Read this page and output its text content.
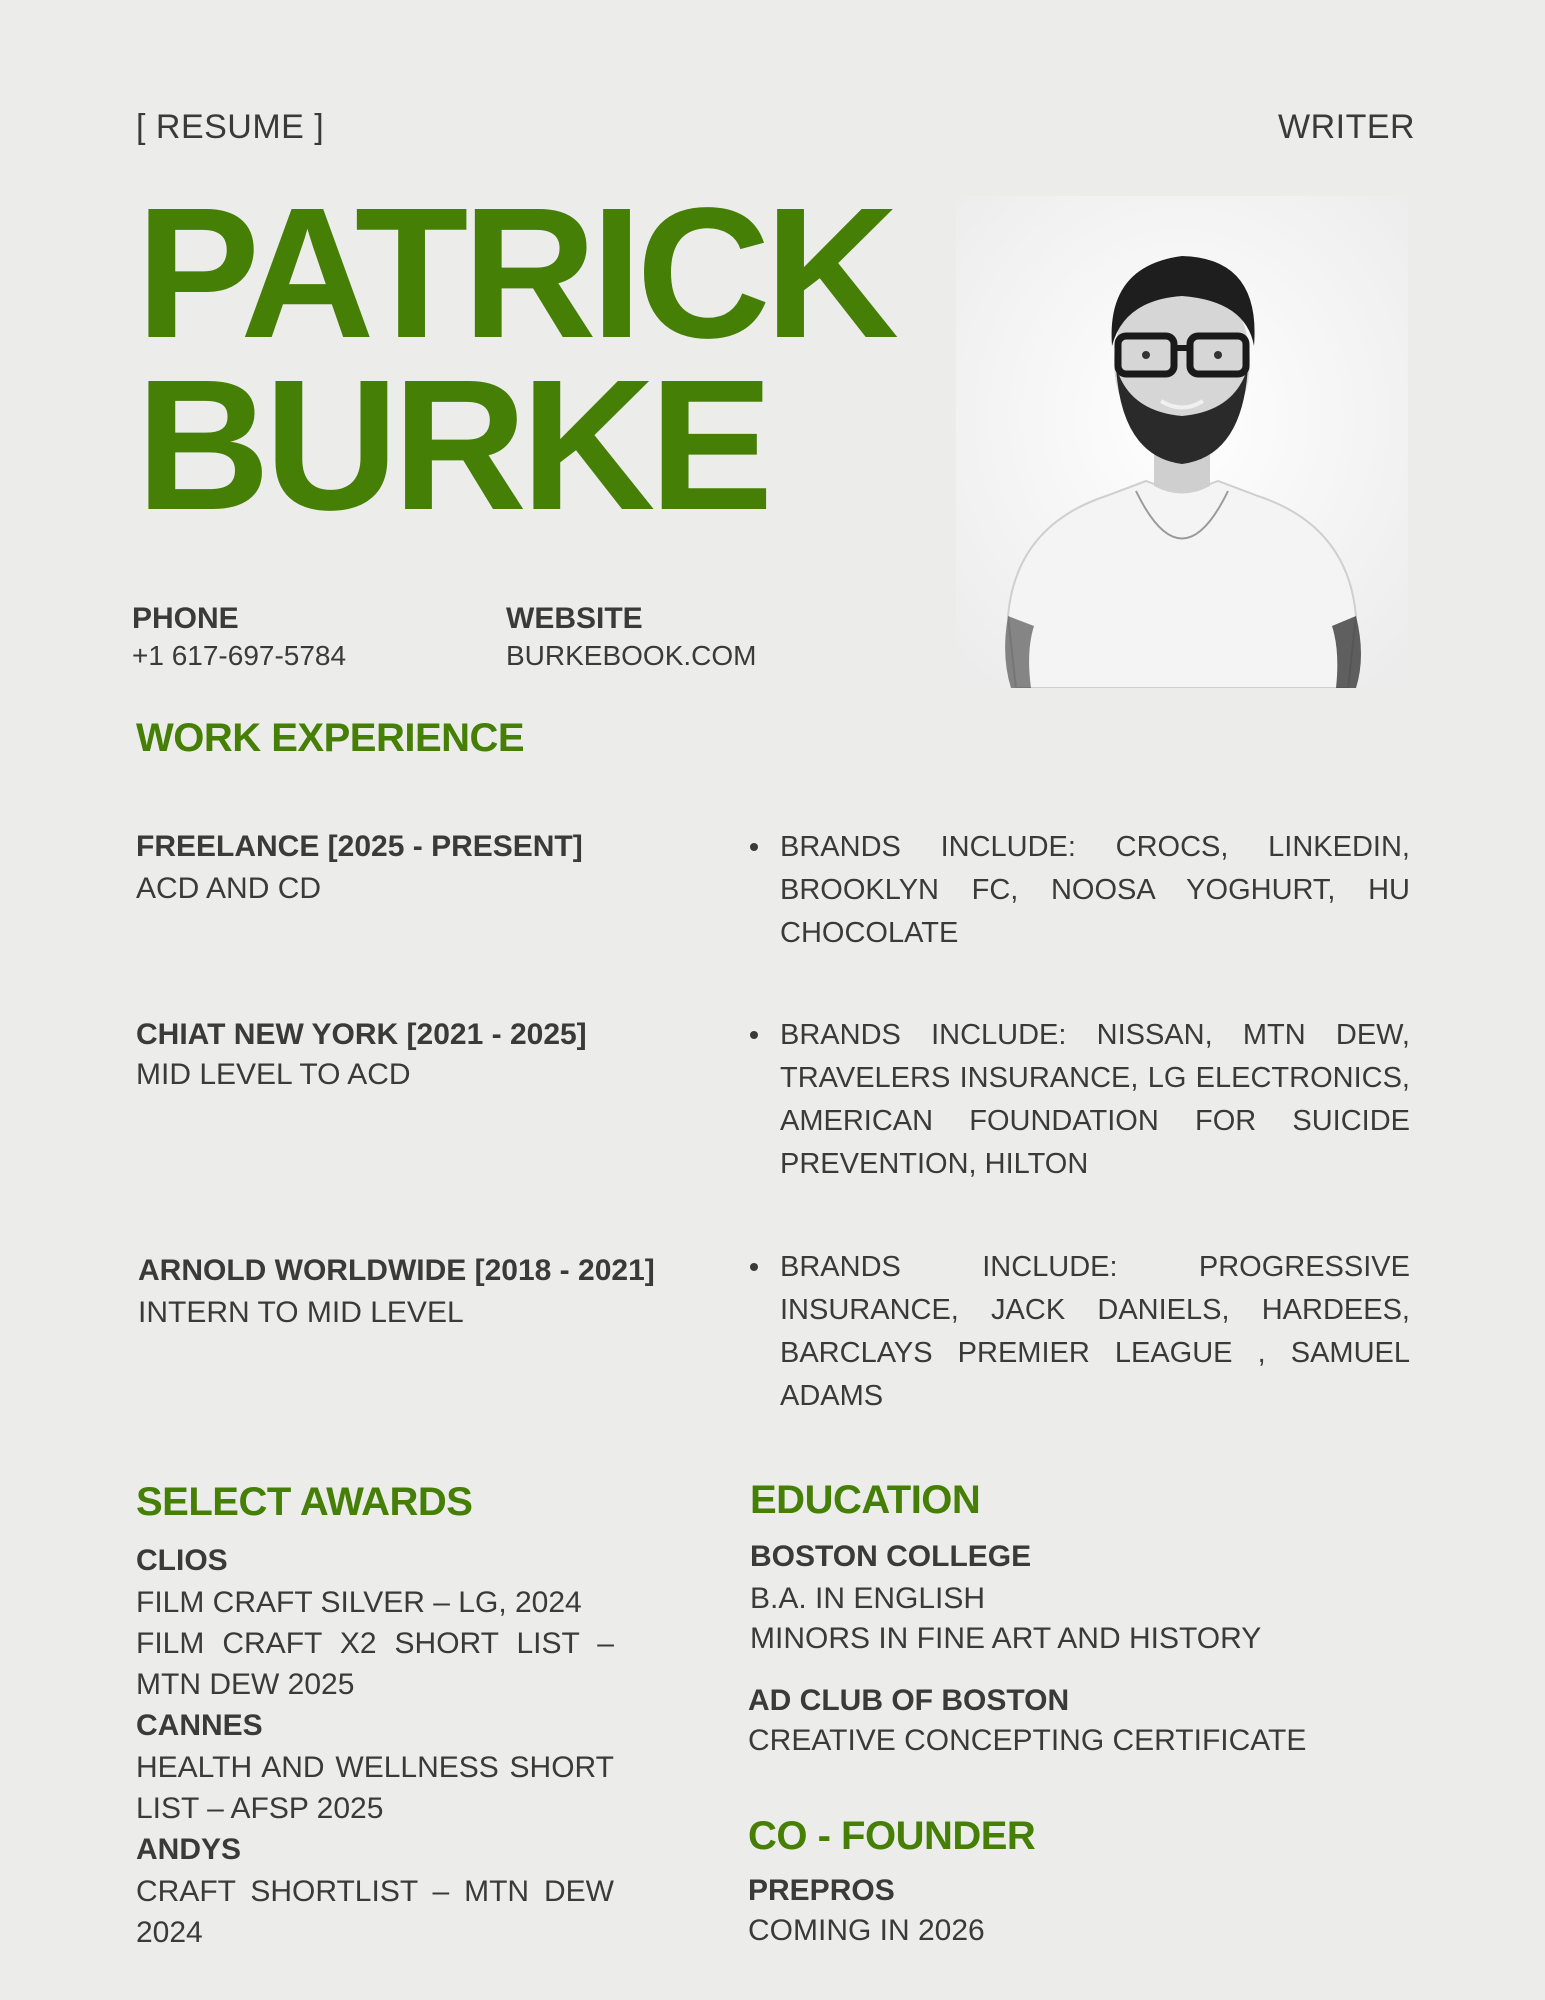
[ RESUME ]	WRITER
PATRICK
BURKE
PHONE
+1 617-697-5784
WEBSITE
BURKEBOOK.COM
WORK EXPERIENCE
FREELANCE [2025 - PRESENT]
ACD AND CD
BRANDS INCLUDE: CROCS, LINKEDIN, BROOKLYN FC, NOOSA YOGHURT, HU CHOCOLATE
CHIAT NEW YORK [2021 - 2025]
MID LEVEL TO ACD
BRANDS INCLUDE: NISSAN, MTN DEW, TRAVELERS INSURANCE, LG ELECTRONICS, AMERICAN FOUNDATION FOR SUICIDE PREVENTION, HILTON
ARNOLD WORLDWIDE [2018 - 2021]
INTERN TO MID LEVEL
BRANDS INCLUDE: PROGRESSIVE INSURANCE, JACK DANIELS, HARDEES, BARCLAYS PREMIER LEAGUE , SAMUEL ADAMS
SELECT AWARDS

CLIOS

FILM CRAFT SILVER – LG, 2024

FILM CRAFT X2 SHORT LIST – MTN DEW 2025

CANNES

HEALTH AND WELLNESS SHORT LIST – AFSP 2025

ANDYS

CRAFT SHORTLIST – MTN DEW 2024

EDUCATION
BOSTON COLLEGE
B.A. IN ENGLISH
MINORS IN FINE ART AND HISTORY
AD CLUB OF BOSTON
CREATIVE CONCEPTING CERTIFICATE
CO - FOUNDER
PREPROS
COMING IN 2026
